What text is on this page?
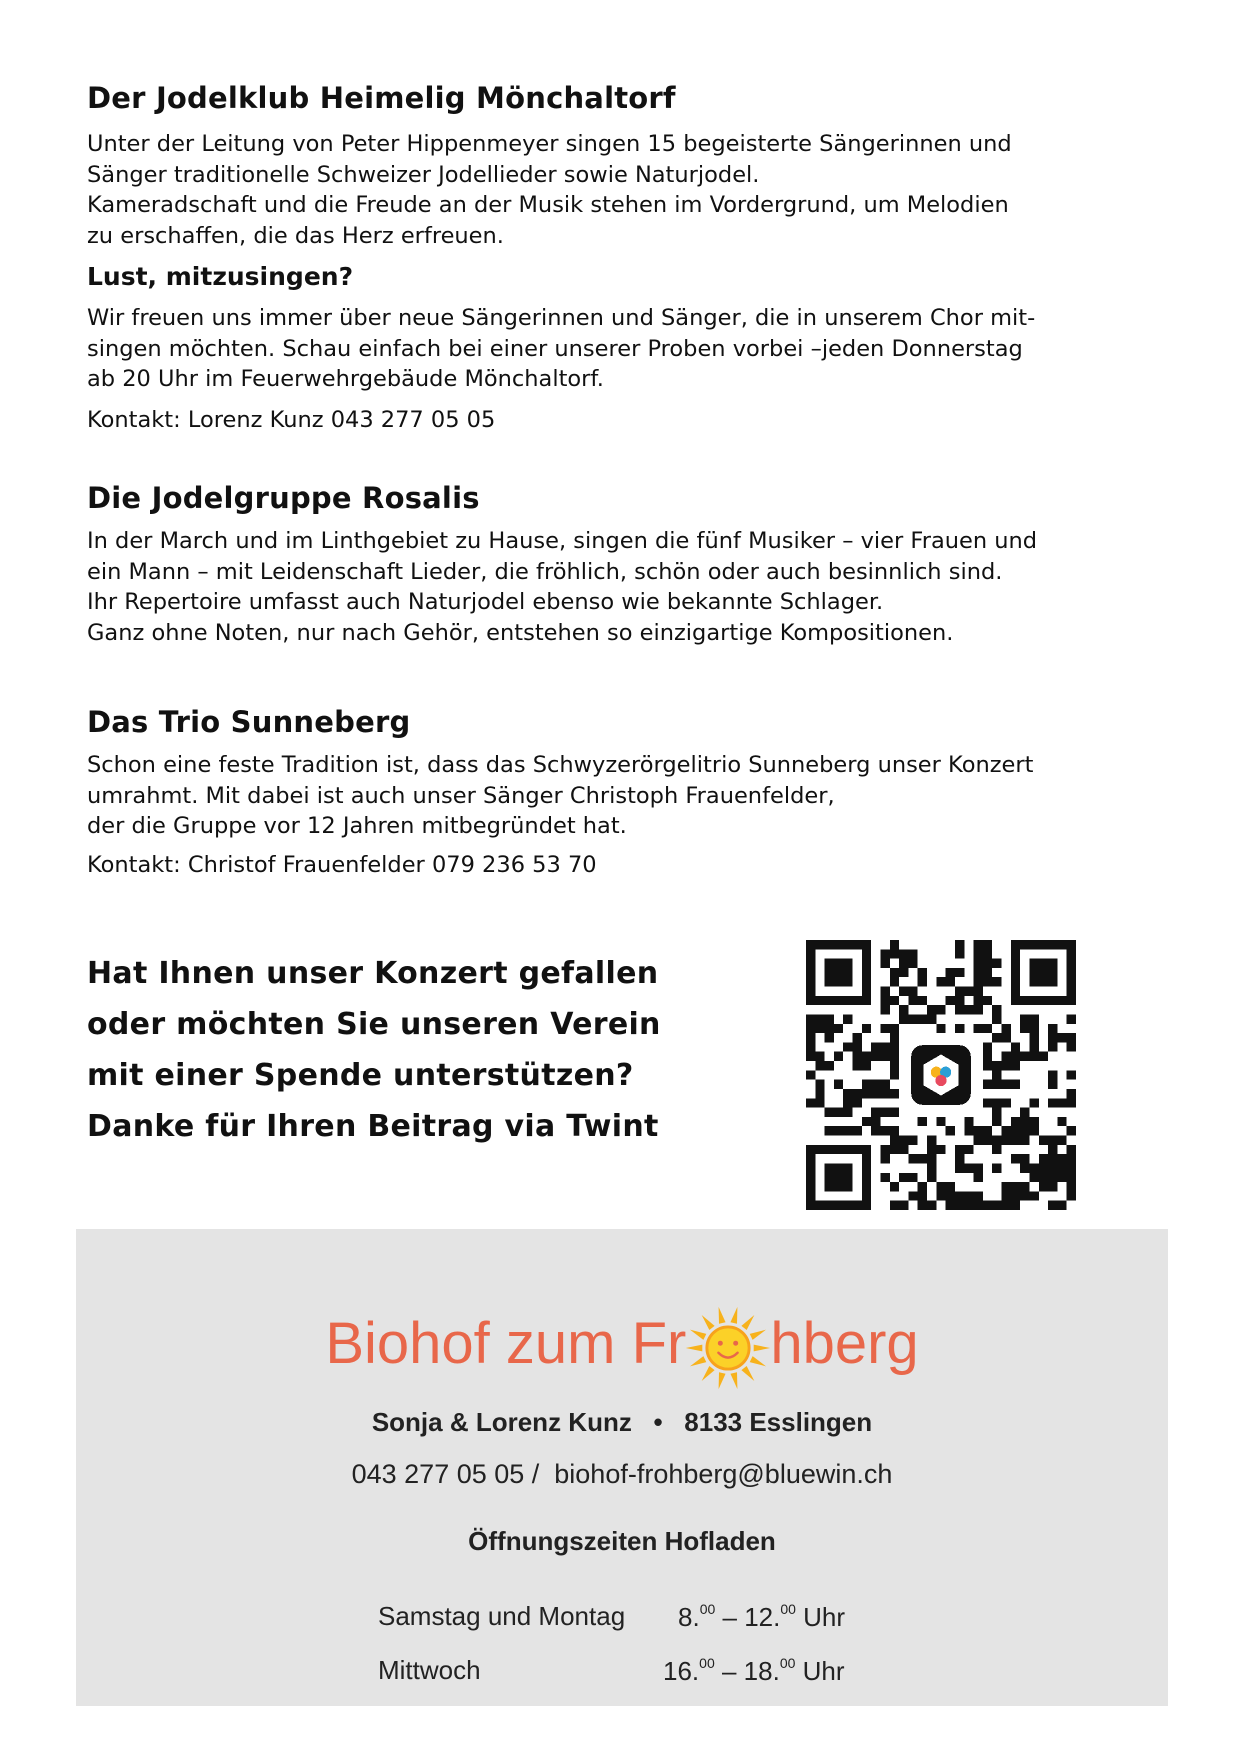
Der Jodelklub Heimelig Mönchaltorf

Unter der Leitung von Peter Hippenmeyer singen 15 begeisterte Sängerinnen und
Sänger traditionelle Schweizer Jodellieder sowie Naturjodel.
Kameradschaft und die Freude an der Musik stehen im Vordergrund, um Melodien
zu erschaffen, die das Herz erfreuen.

Lust, mitzusingen?

Wir freuen uns immer über neue Sängerinnen und Sänger, die in unserem Chor mit-
singen möchten. Schau einfach bei einer unserer Proben vorbei –jeden Donnerstag
ab 20 Uhr im Feuerwehrgebäude Mönchaltorf.

Kontakt: Lorenz Kunz 043 277 05 05

Die Jodelgruppe Rosalis

In der March und im Linthgebiet zu Hause, singen die fünf Musiker – vier Frauen und
ein Mann – mit Leidenschaft Lieder, die fröhlich, schön oder auch besinnlich sind.
Ihr Repertoire umfasst auch Naturjodel ebenso wie bekannte Schlager.
Ganz ohne Noten, nur nach Gehör, entstehen so einzigartige Kompositionen.

Das Trio Sunneberg

Schon eine feste Tradition ist, dass das Schwyzerörgelitrio Sunneberg unser Konzert
umrahmt. Mit dabei ist auch unser Sänger Christoph Frauenfelder,
der die Gruppe vor 12 Jahren mitbegründet hat.

Kontakt: Christof Frauenfelder 079 236 53 70

Hat Ihnen unser Konzert gefallen
oder möchten Sie unseren Verein
mit einer Spende unterstützen?
Danke für Ihren Beitrag via Twint
Biohof zum Fr hberg
Sonja & Lorenz Kunz   •   8133 Esslingen
043 277 05 05 /  biohof-frohberg@bluewin.ch
Öffnungszeiten Hofladen
Samstag und Montag 8.00 – 12.00 Uhr
Mittwoch	16.00 – 18.00 Uhr
